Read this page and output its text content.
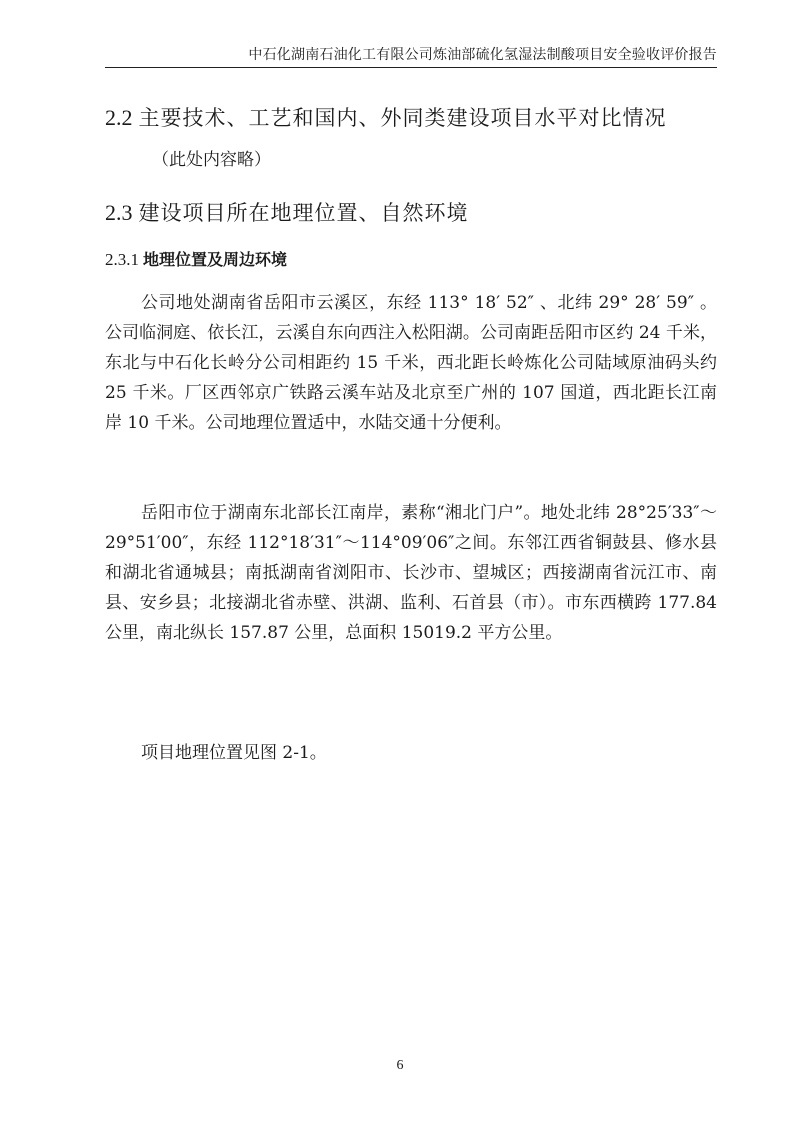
中石化湖南石油化工有限公司炼油部硫化氢湿法制酸项目安全验收评价报告
2.2 主要技术、工艺和国内、外同类建设项目水平对比情况
（此处内容略）
2.3 建设项目所在地理位置、自然环境
2.3.1 地理位置及周边环境

公司地处湖南省岳阳市云溪区，东经 113° 18′ 52″ 、北纬 29° 28′ 59″ 。公司临洞庭、依长江，云溪自东向西注入松阳湖。公司南距岳阳市区约 24 千米，东北与中石化长岭分公司相距约 15 千米，西北距长岭炼化公司陆域原油码头约 25 千米。厂区西邻京广铁路云溪车站及北京至广州的 107 国道，西北距长江南岸 10 千米。公司地理位置适中，水陆交通十分便利。

岳阳市位于湖南东北部长江南岸，素称“湘北门户”。地处北纬 28°25′33″～29°51′00″，东经 112°18′31″～114°09′06″之间。东邻江西省铜鼓县、修水县和湖北省通城县；南抵湖南省浏阳市、长沙市、望城区；西接湖南省沅江市、南县、安乡县；北接湖北省赤壁、洪湖、监利、石首县（市）。市东西横跨 177.84 公里，南北纵长 157.87 公里，总面积 15019.2 平方公里。

项目地理位置见图 2-1。

6
